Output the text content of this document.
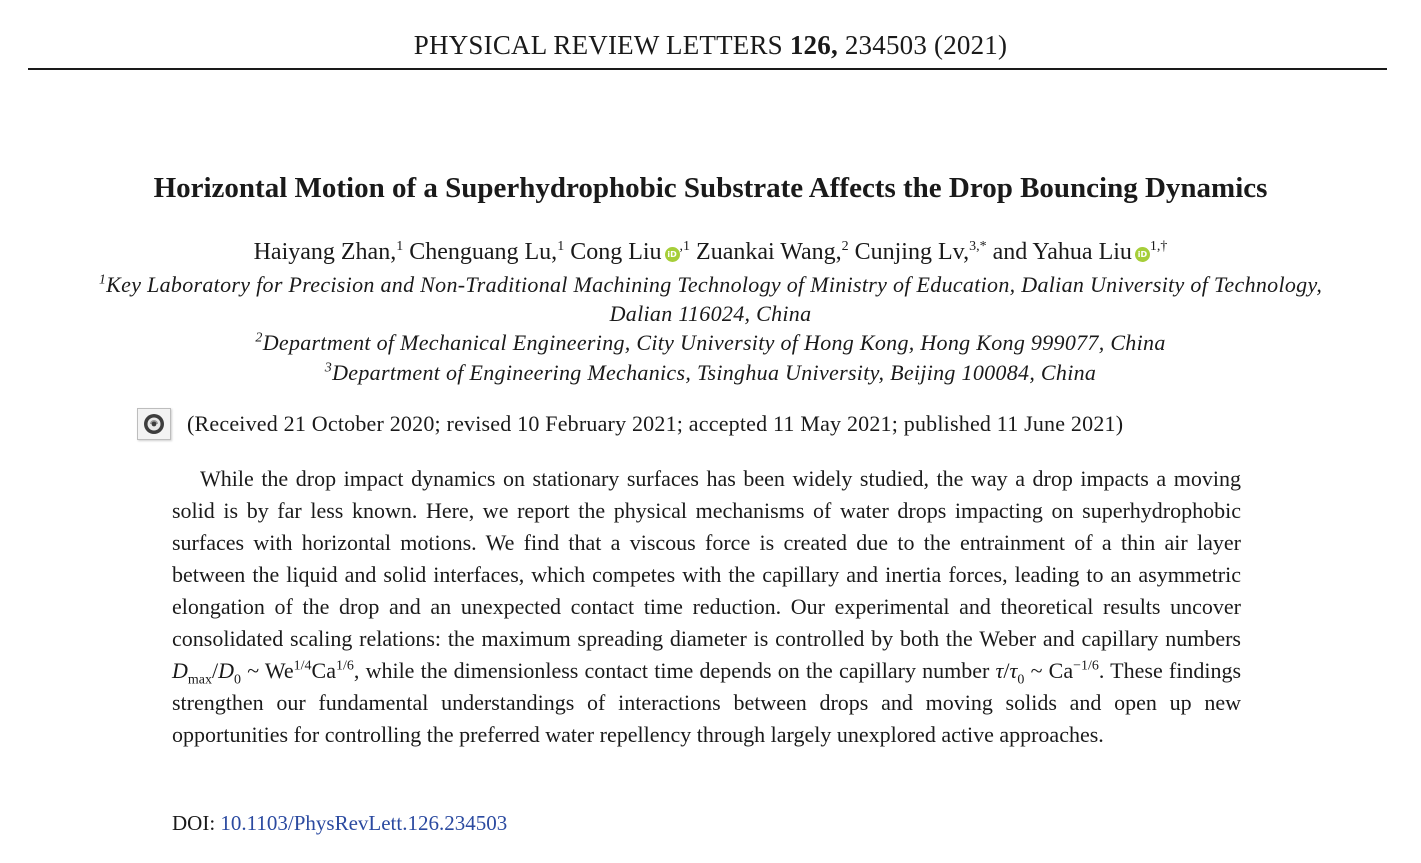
PHYSICAL REVIEW LETTERS 126, 234503 (2021)
Horizontal Motion of a Superhydrophobic Substrate Affects the Drop Bouncing Dynamics
Haiyang Zhan,$^1$ Chenguang Lu,$^1$ Cong Liu $iD^{,1}$ Zuankai Wang,$^2$ Cunjing Lv,$^{3,*}$ and Yahua Liu $iD^{1,\dagger}$
$^1$Key Laboratory for Precision and Non-Traditional Machining Technology of Ministry of Education, Dalian University of Technology,
Dalian 116024, China
$^2$Department of Mechanical Engineering, City University of Hong Kong, Hong Kong 999077, China
$^3$Department of Engineering Mechanics, Tsinghua University, Beijing 100084, China
(Received 21 October 2020; revised 10 February 2021; accepted 11 May 2021; published 11 June 2021)
While the drop impact dynamics on stationary surfaces has been widely studied, the way a drop impacts a moving solid is by far less known. Here, we report the physical mechanisms of water drops impacting on superhydrophobic surfaces with horizontal motions. We find that a viscous force is created due to the entrainment of a thin air layer between the liquid and solid interfaces, which competes with the capillary and inertia forces, leading to an asymmetric elongation of the drop and an unexpected contact time reduction. Our experimental and theoretical results uncover consolidated scaling relations: the maximum spreading diameter is controlled by both the Weber and capillary numbers $D_{max}/D_0$ ~ $We^{1/4}Ca^{1/6}$, while the dimensionless contact time depends on the capillary number $\tau/\tau_0$ ~ $Ca^{-1/6}$. These findings strengthen our fundamental understandings of interactions between drops and moving solids and open up new opportunities for controlling the preferred water repellency through largely unexplored active approaches.
DOI: 10.1103/PhysRevLett.126.234503
